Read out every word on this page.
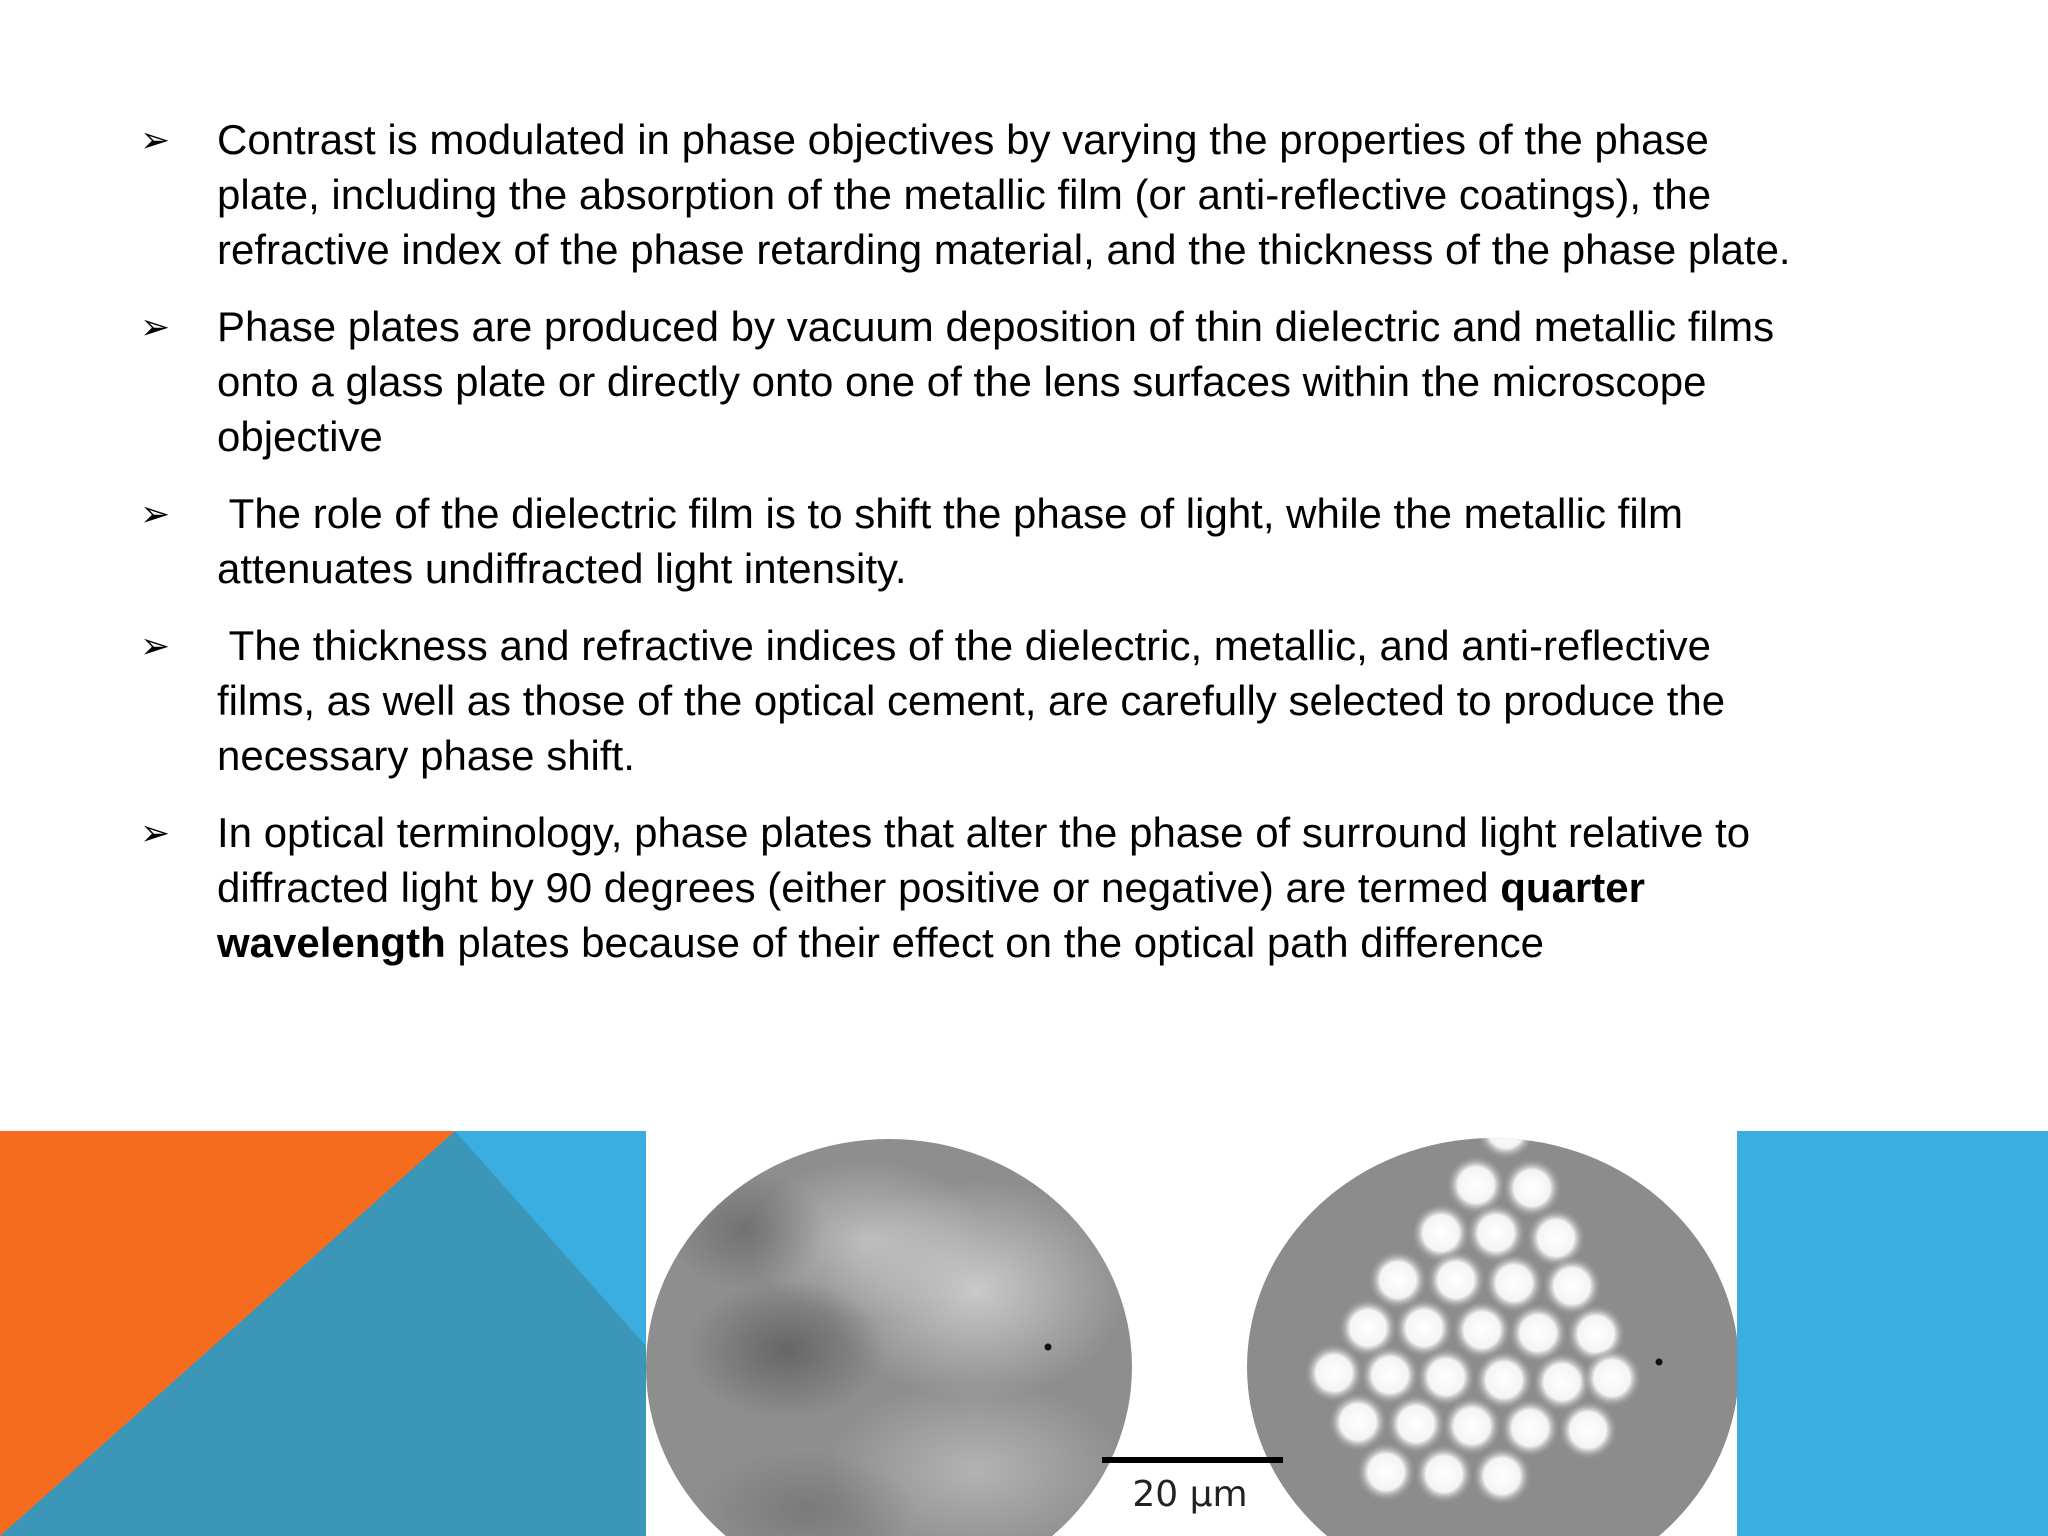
➢ Contrast is modulated in phase objectives by varying the properties of the phase plate, including the absorption of the metallic film (or anti-reflective coatings), the refractive index of the phase retarding material, and the thickness of the phase plate.
➢ Phase plates are produced by vacuum deposition of thin dielectric and metallic films onto a glass plate or directly onto one of the lens surfaces within the microscope objective
➢ The role of the dielectric film is to shift the phase of light, while the metallic film attenuates undiffracted light intensity.
➢ The thickness and refractive indices of the dielectric, metallic, and anti-reflective films, as well as those of the optical cement, are carefully selected to produce the necessary phase shift.
➢ In optical terminology, phase plates that alter the phase of surround light relative to diffracted light by 90 degrees (either positive or negative) are termed quarter wavelength plates because of their effect on the optical path difference
20 µm
